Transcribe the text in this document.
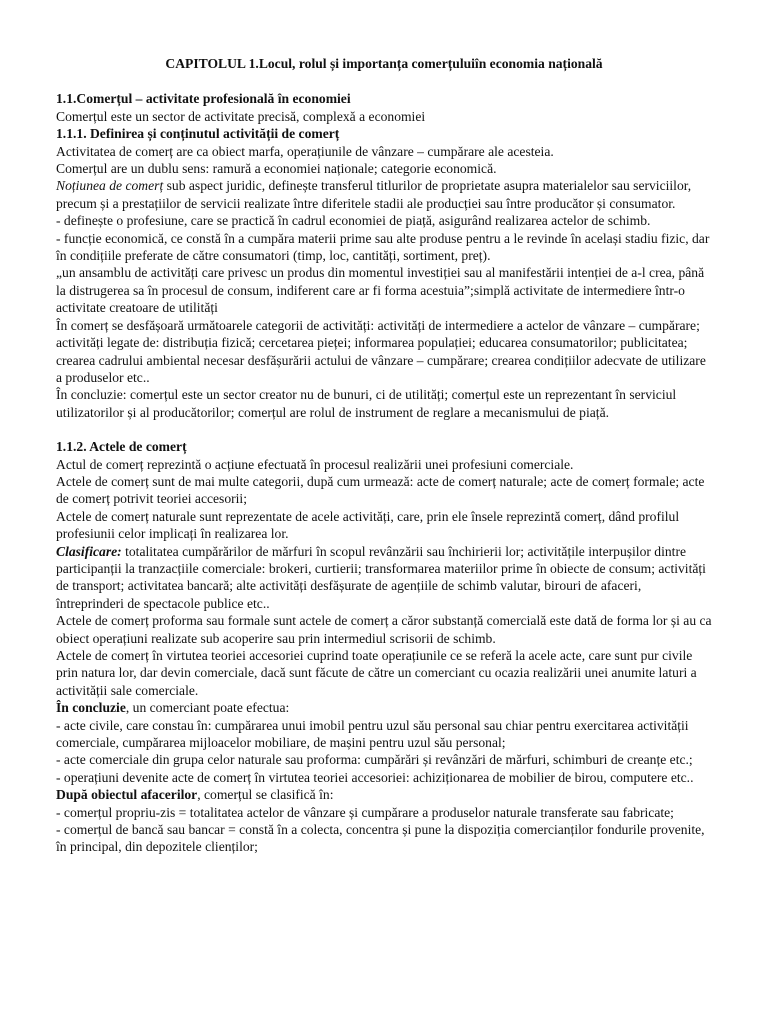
CAPITOLUL 1.Locul, rolul și importanța comerțuluiîn economia națională

1.1.Comerțul – activitate profesională în economiei

Comerțul este un sector de activitate precisă, complexă a economiei

1.1.1. Definirea și conținutul activității de comerț

Activitatea de comerț are ca obiect marfa, operațiunile de vânzare – cumpărare ale acesteia.

Comerțul are un dublu sens: ramură a economiei naționale; categorie economică.

Noțiunea de comerț sub aspect juridic, definește transferul titlurilor de proprietate asupra materialelor sau serviciilor, precum și a prestațiilor de servicii realizate între diferitele stadii ale producției sau între producător și consumator.

- definește o profesiune, care se practică în cadrul economiei de piață, asigurând realizarea actelor de schimb.

- funcție economică, ce constă în a cumpăra materii prime sau alte produse pentru a le revinde în același stadiu fizic, dar în condițiile preferate de către consumatori (timp, loc, cantități, sortiment, preț).

„un ansamblu de activități care privesc un produs din momentul investiției sau al manifestării intenției de a-l crea, până la distrugerea sa în procesul de consum, indiferent care ar fi forma acestuia”;simplă activitate de intermediere într-o activitate creatoare de utilități

În comerț se desfășoară următoarele categorii de activități: activități de intermediere a actelor de vânzare – cumpărare; activități legate de: distribuția fizică; cercetarea pieței; informarea populației; educarea consumatorilor; publicitatea; crearea cadrului ambiental necesar desfășurării actului de vânzare – cumpărare; crearea condițiilor adecvate de utilizare a produselor etc..

În concluzie: comerțul este un sector creator nu de bunuri, ci de utilități; comerțul este un reprezentant în serviciul utilizatorilor și al producătorilor; comerțul are rolul de instrument de reglare a mecanismului de piață.

1.1.2. Actele de comerț

Actul de comerț reprezintă o acțiune efectuată în procesul realizării unei profesiuni comerciale.

Actele de comerț sunt de mai multe categorii, după cum urmează: acte de comerț naturale; acte de comerț formale; acte de comerț potrivit teoriei accesorii;

Actele de comerț naturale sunt reprezentate de acele activități, care, prin ele însele reprezintă comerț, dând profilul profesiunii celor implicați în realizarea lor.

Clasificare: totalitatea cumpărărilor de mărfuri în scopul revânzării sau închirierii lor; activitățile interpușilor dintre participanții la tranzacțiile comerciale: brokeri, curtierii; transformarea materiilor prime în obiecte de consum; activități de transport; activitatea bancară; alte activități desfășurate de agențiile de schimb valutar, birouri de afaceri, întreprinderi de spectacole publice etc..

Actele de comerț proforma sau formale sunt actele de comerț a căror substanță comercială este dată de forma lor și au ca obiect operațiuni realizate sub acoperire sau prin intermediul scrisorii de schimb.

Actele de comerț în virtutea teoriei accesoriei cuprind toate operațiunile ce se referă la acele acte, care sunt pur civile prin natura lor, dar devin comerciale, dacă sunt făcute de către un comerciant cu ocazia realizării unei anumite laturi a activității sale comerciale.

În concluzie, un comerciant poate efectua:

- acte civile, care constau în: cumpărarea unui imobil pentru uzul său personal sau chiar pentru exercitarea activității comerciale, cumpărarea mijloacelor mobiliare, de mașini pentru uzul său personal;

- acte comerciale din grupa celor naturale sau proforma: cumpărări și revânzări de mărfuri, schimburi de creanțe etc.;

- operațiuni devenite acte de comerț în virtutea teoriei accesoriei: achiziționarea de mobilier de birou, computere etc..

După obiectul afacerilor, comerțul se clasifică în:

- comerțul propriu-zis = totalitatea actelor de vânzare și cumpărare a produselor naturale transferate sau fabricate;

- comerțul de bancă sau bancar = constă în a colecta, concentra și pune la dispoziția comercianților fondurile provenite, în principal, din depozitele clienților;
